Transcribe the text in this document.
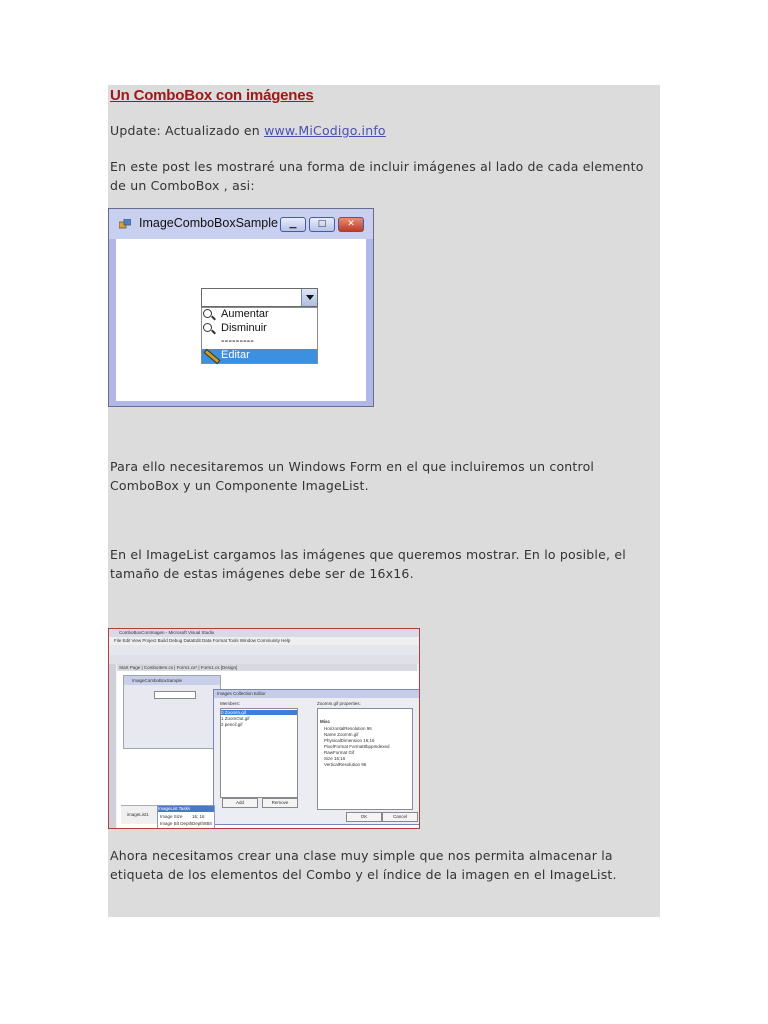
Un ComboBox con imágenes
Update: Actualizado en www.MiCodigo.info
En este post les mostraré una forma de incluir imágenes al lado de cada elemento de un ComboBox , asi:
ImageComboBoxSample	▁	□	✕
Aumentar
Disminuir
---------
Editar
Para ello necesitaremos un Windows Form en el que incluiremos un control ComboBox y un Componente ImageList.
En el ImageList cargamos las imágenes que queremos mostrar. En lo posible, el tamaño de estas imágenes debe ser de 16x16.
ComboBoxConImagen - Microsoft Visual Studio
File Edit View Project Build Debug DataEdit Data Format Tools Window Community Help
Start Page | ComboItem.cs | Form1.cs* | Form1.cs [Design]
ImageComboBoxSample
Images Collection Editor
Members:
0 ZoomIn.gif
1 ZoomOut.gif
2 pencil.gif
ZoomIn.gif properties:
Misc
HorizontalResolution 96
Name ZoomIn.gif
PhysicalDimension 16;16
PixelFormat Format8bppIndexed
RawFormat Gif
Size 16;16
VerticalResolution 96
Add	Remove
OK	Cancel
imageList1
ImageList Tasks
Image Size 16; 16
Image Bit Depth Depth8Bit
Ahora necesitamos crear una clase muy simple que nos permita almacenar la etiqueta de los elementos del Combo y el índice de la imagen en el ImageList.
